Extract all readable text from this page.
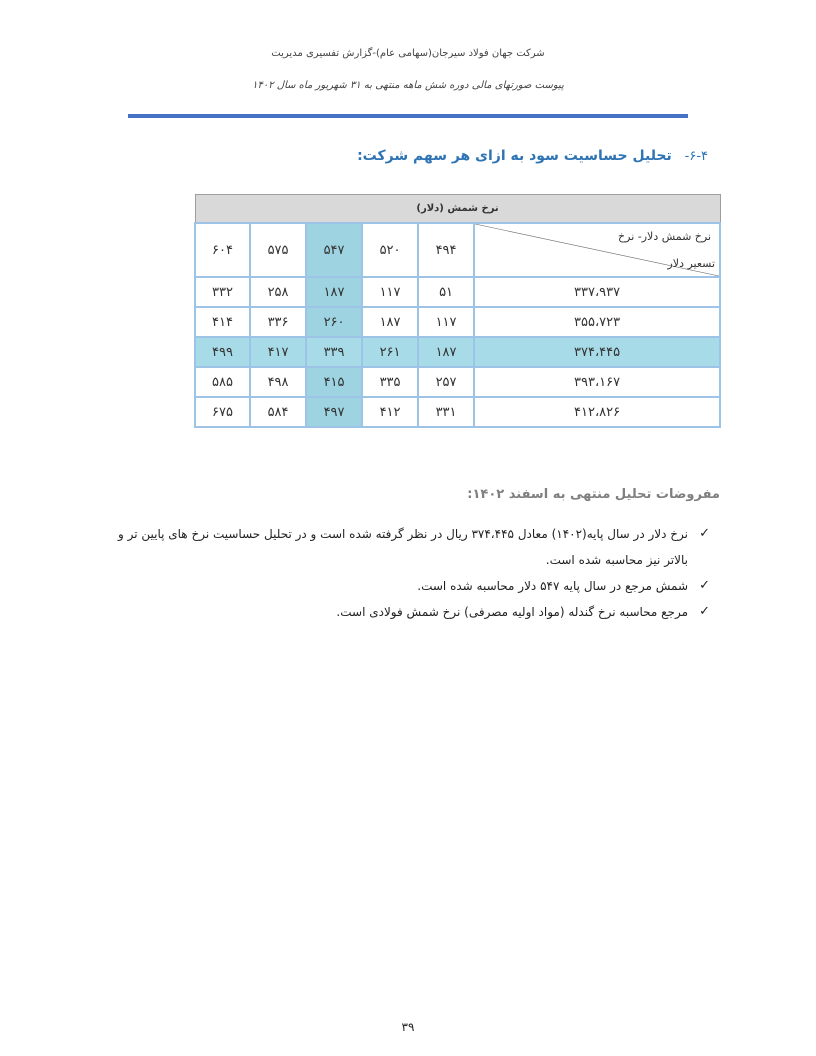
شرکت جهان فولاد سیرجان(سهامی عام)-گزارش تفسیری مدیریت
پیوست صورتهای مالی دوره شش ماهه منتهی به ۳۱ شهریور ماه سال ۱۴۰۲
۶-۴- تحلیل حساسیت سود به ازای هر سهم شرکت:
نرخ شمش (دلار)					

نرخ شمش دلار- نرخ
تسعیر دلار	۴۹۴	۵۲۰	۵۴۷	۵۷۵	۶۰۴
۳۳۷،۹۳۷	۵۱	۱۱۷	۱۸۷	۲۵۸	۳۳۲
۳۵۵،۷۲۳	۱۱۷	۱۸۷	۲۶۰	۳۳۶	۴۱۴
۳۷۴،۴۴۵	۱۸۷	۲۶۱	۳۳۹	۴۱۷	۴۹۹
۳۹۳،۱۶۷	۲۵۷	۳۳۵	۴۱۵	۴۹۸	۵۸۵
۴۱۲،۸۲۶	۳۳۱	۴۱۲	۴۹۷	۵۸۴	۶۷۵
مفروضات تحلیل منتهی به اسفند ۱۴۰۲:
✓
نرخ دلار در سال پایه(۱۴۰۲) معادل ۳۷۴،۴۴۵ ریال در نظر گرفته شده است و در تحلیل حساسیت نرخ های پایین تر و بالاتر نیز محاسبه شده است.
✓
شمش مرجع در سال پایه ۵۴۷ دلار محاسبه شده است.
✓
مرجع محاسبه نرخ گندله (مواد اولیه مصرفی) نرخ شمش فولادی است.
۳۹
